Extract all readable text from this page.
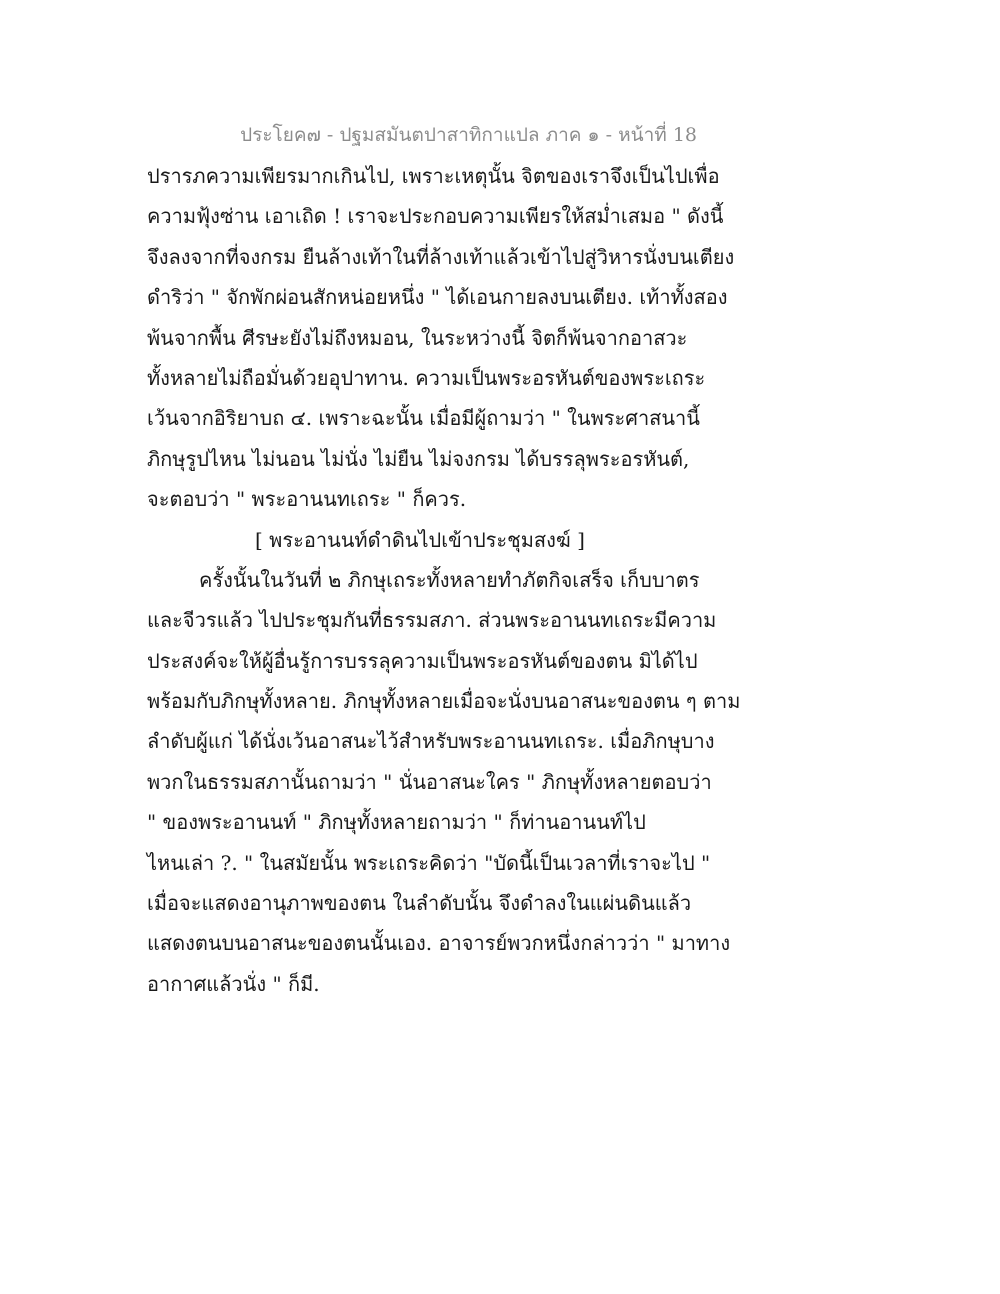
ประโยค๗ - ปฐมสมันตปาสาทิกาแปล ภาค ๑ - หน้าที่ 18
ปรารภความเพียรมากเกินไป, เพราะเหตุนั้น จิตของเราจึงเป็นไปเพื่อ
ความฟุ้งซ่าน เอาเถิด ! เราจะประกอบความเพียรให้สม่ำเสมอ " ดังนี้
จึงลงจากที่จงกรม ยืนล้างเท้าในที่ล้างเท้าแล้วเข้าไปสู่วิหารนั่งบนเตียง
ดำริว่า " จักพักผ่อนสักหน่อยหนึ่ง " ได้เอนกายลงบนเตียง. เท้าทั้งสอง
พ้นจากพื้น ศีรษะยังไม่ถึงหมอน, ในระหว่างนี้ จิตก็พ้นจากอาสวะ
ทั้งหลายไม่ถือมั่นด้วยอุปาทาน. ความเป็นพระอรหันต์ของพระเถระ
เว้นจากอิริยาบถ ๔. เพราะฉะนั้น เมื่อมีผู้ถามว่า " ในพระศาสนานี้
ภิกษุรูปไหน ไม่นอน ไม่นั่ง ไม่ยืน ไม่จงกรม ได้บรรลุพระอรหันต์,
จะตอบว่า " พระอานนทเถระ " ก็ควร.
[ พระอานนท์ดำดินไปเข้าประชุมสงฆ์ ]
ครั้งนั้นในวันที่ ๒ ภิกษุเถระทั้งหลายทำภัตกิจเสร็จ เก็บบาตร
และจีวรแล้ว ไปประชุมกันที่ธรรมสภา. ส่วนพระอานนทเถระมีความ
ประสงค์จะให้ผู้อื่นรู้การบรรลุความเป็นพระอรหันต์ของตน มิได้ไป
พร้อมกับภิกษุทั้งหลาย. ภิกษุทั้งหลายเมื่อจะนั่งบนอาสนะของตน ๆ ตาม
ลำดับผู้แก่ ได้นั่งเว้นอาสนะไว้สำหรับพระอานนทเถระ. เมื่อภิกษุบาง
พวกในธรรมสภานั้นถามว่า " นั่นอาสนะใคร " ภิกษุทั้งหลายตอบว่า
" ของพระอานนท์ " ภิกษุทั้งหลายถามว่า " ก็ท่านอานนท์ไป
ไหนเล่า ?. " ในสมัยนั้น พระเถระคิดว่า "บัดนี้เป็นเวลาที่เราจะไป "
เมื่อจะแสดงอานุภาพของตน ในลำดับนั้น จึงดำลงในแผ่นดินแล้ว
แสดงตนบนอาสนะของตนนั้นเอง. อาจารย์พวกหนึ่งกล่าวว่า " มาทาง
อากาศแล้วนั่ง " ก็มี.
